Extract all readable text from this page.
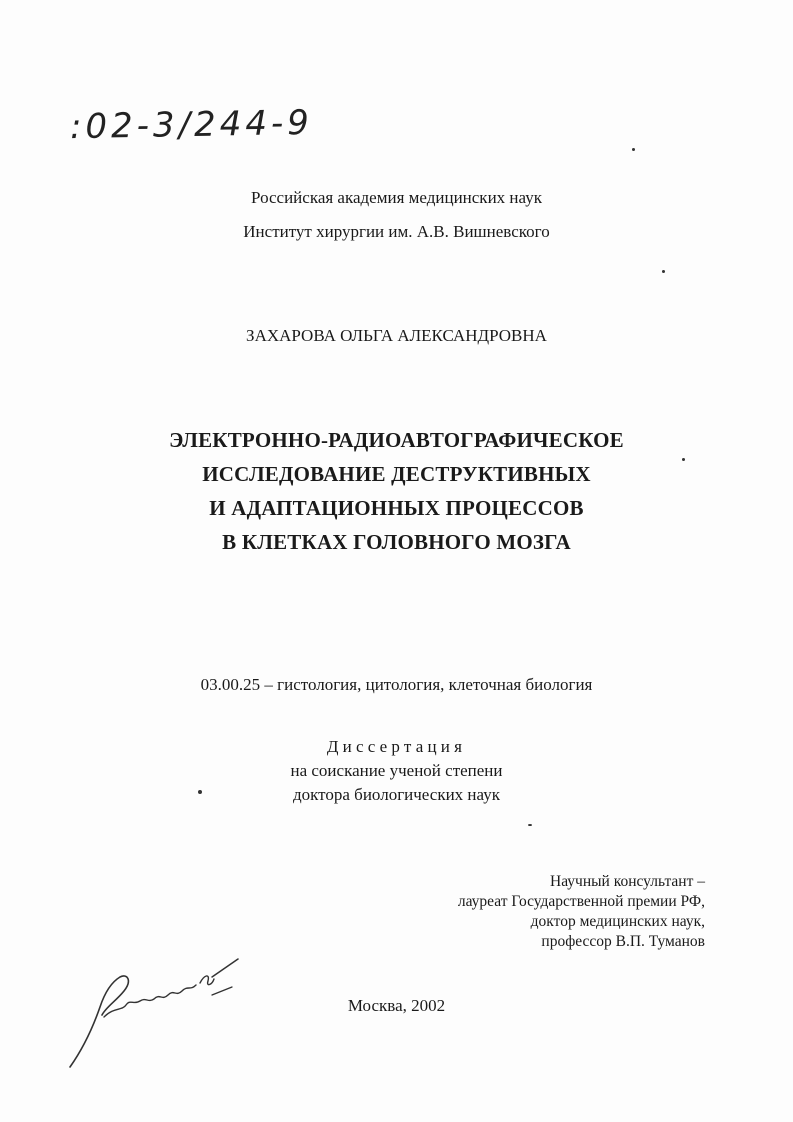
:02-3/244-9
Российская академия медицинских наук
Институт хирургии им. А.В. Вишневского
ЗАХАРОВА ОЛЬГА АЛЕКСАНДРОВНА
ЭЛЕКТРОННО-РАДИОАВТОГРАФИЧЕСКОЕ
ИССЛЕДОВАНИЕ ДЕСТРУКТИВНЫХ
И АДАПТАЦИОННЫХ ПРОЦЕССОВ
В КЛЕТКАХ ГОЛОВНОГО МОЗГА
03.00.25 – гистология, цитология, клеточная биология
Диссертация
на соискание ученой степени
доктора биологических наук
Научный консультант –
лауреат Государственной премии РФ,
доктор медицинских наук,
профессор В.П. Туманов
Москва, 2002
